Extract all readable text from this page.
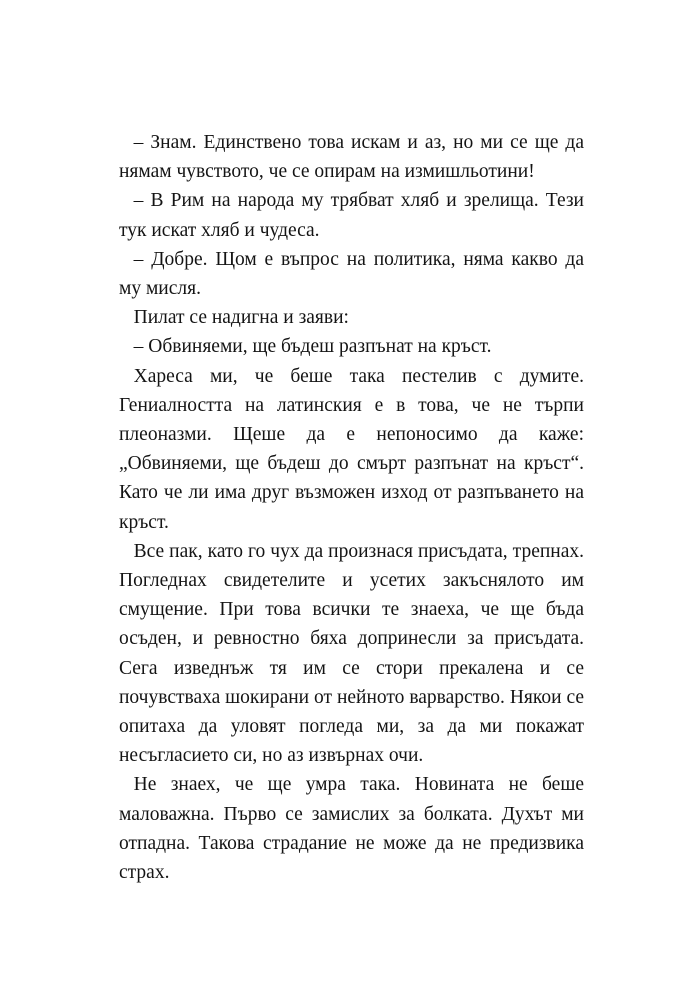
– Знам. Единствено това искам и аз, но ми се ще да нямам чувството, че се опирам на измишльотини!

– В Рим на народа му трябват хляб и зрелища. Тези тук искат хляб и чудеса.

– Добре. Щом е въпрос на политика, няма какво да му мисля.

Пилат се надигна и заяви:

– Обвиняеми, ще бъдеш разпънат на кръст.

Хареса ми, че беше така пестелив с думите. Гениалността на латинския е в това, че не търпи плеоназми. Щеше да е непоносимо да каже: „Обвиняеми, ще бъдеш до смърт разпънат на кръст“. Като че ли има друг възможен изход от разпъването на кръст.

Все пак, като го чух да произнася присъдата, трепнах. Погледнах свидетелите и усетих закъснялото им смущение. При това всички те знаеха, че ще бъда осъден, и ревностно бяха допринесли за присъдата. Сега изведнъж тя им се стори прекалена и се почувстваха шокирани от нейното варварство. Някои се опитаха да уловят погледа ми, за да ми покажат несъгласието си, но аз извърнах очи.

Не знаех, че ще умра така. Новината не беше маловажна. Първо се замислих за болката. Духът ми отпадна. Такова страдание не може да не предизвика страх.
